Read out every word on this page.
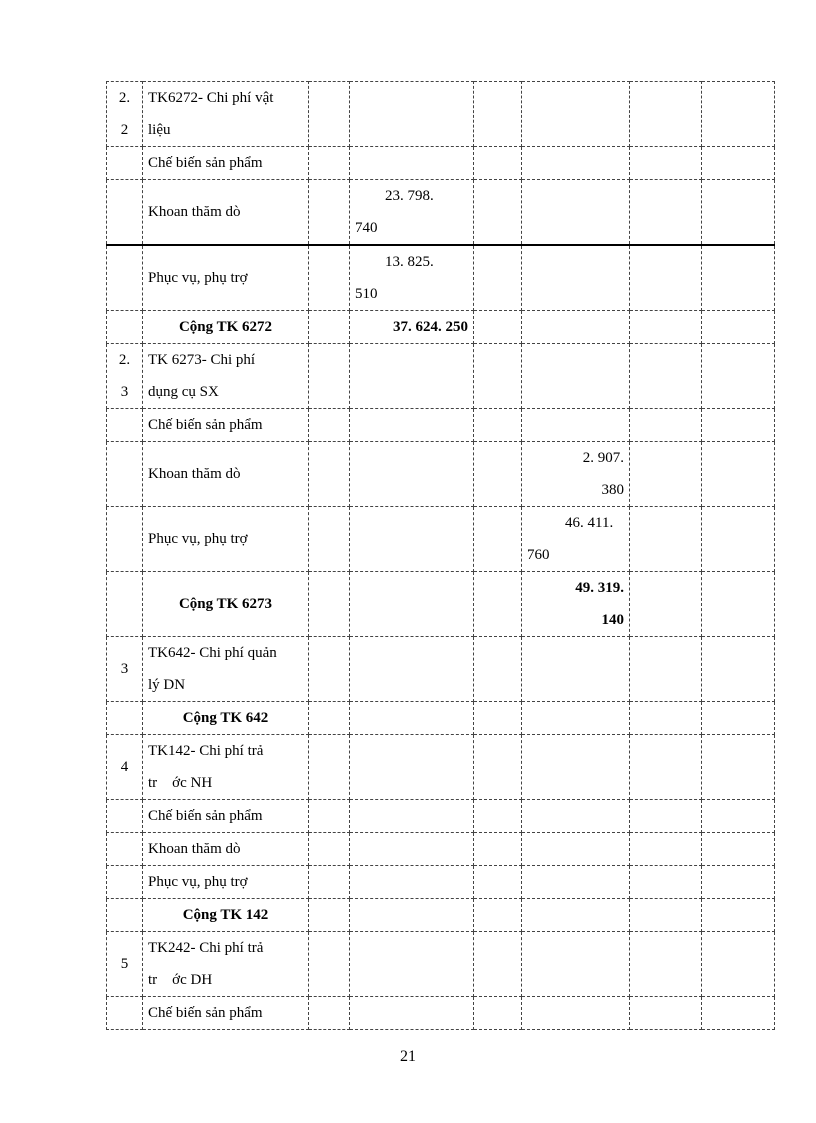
2.
2	TK6272- Chi phí vật
liệu						

	Chế biến sản phẩm						
	Khoan thăm dò		23. 798.
740				

	Phục vụ, phụ trợ		13. 825.
510				

	Cộng TK 6272		37. 624. 250				

2.
3	TK 6273- Chi phí
dụng cụ SX						

	Chế biến sản phẩm						
	Khoan thăm dò				2. 907.
380		

	Phục vụ, phụ trợ				46. 411.
760		

	Cộng TK 6273				49. 319.
140		

3	TK642- Chi phí quản
lý DN						

	Cộng TK 642						
4	TK142- Chi phí trả
tr    ớc NH						

	Chế biến sản phẩm						
	Khoan thăm dò						
	Phục vụ, phụ trợ						
	Cộng TK 142						
5	TK242- Chi phí trả
tr    ớc DH						

	Chế biến sản phẩm						
21
